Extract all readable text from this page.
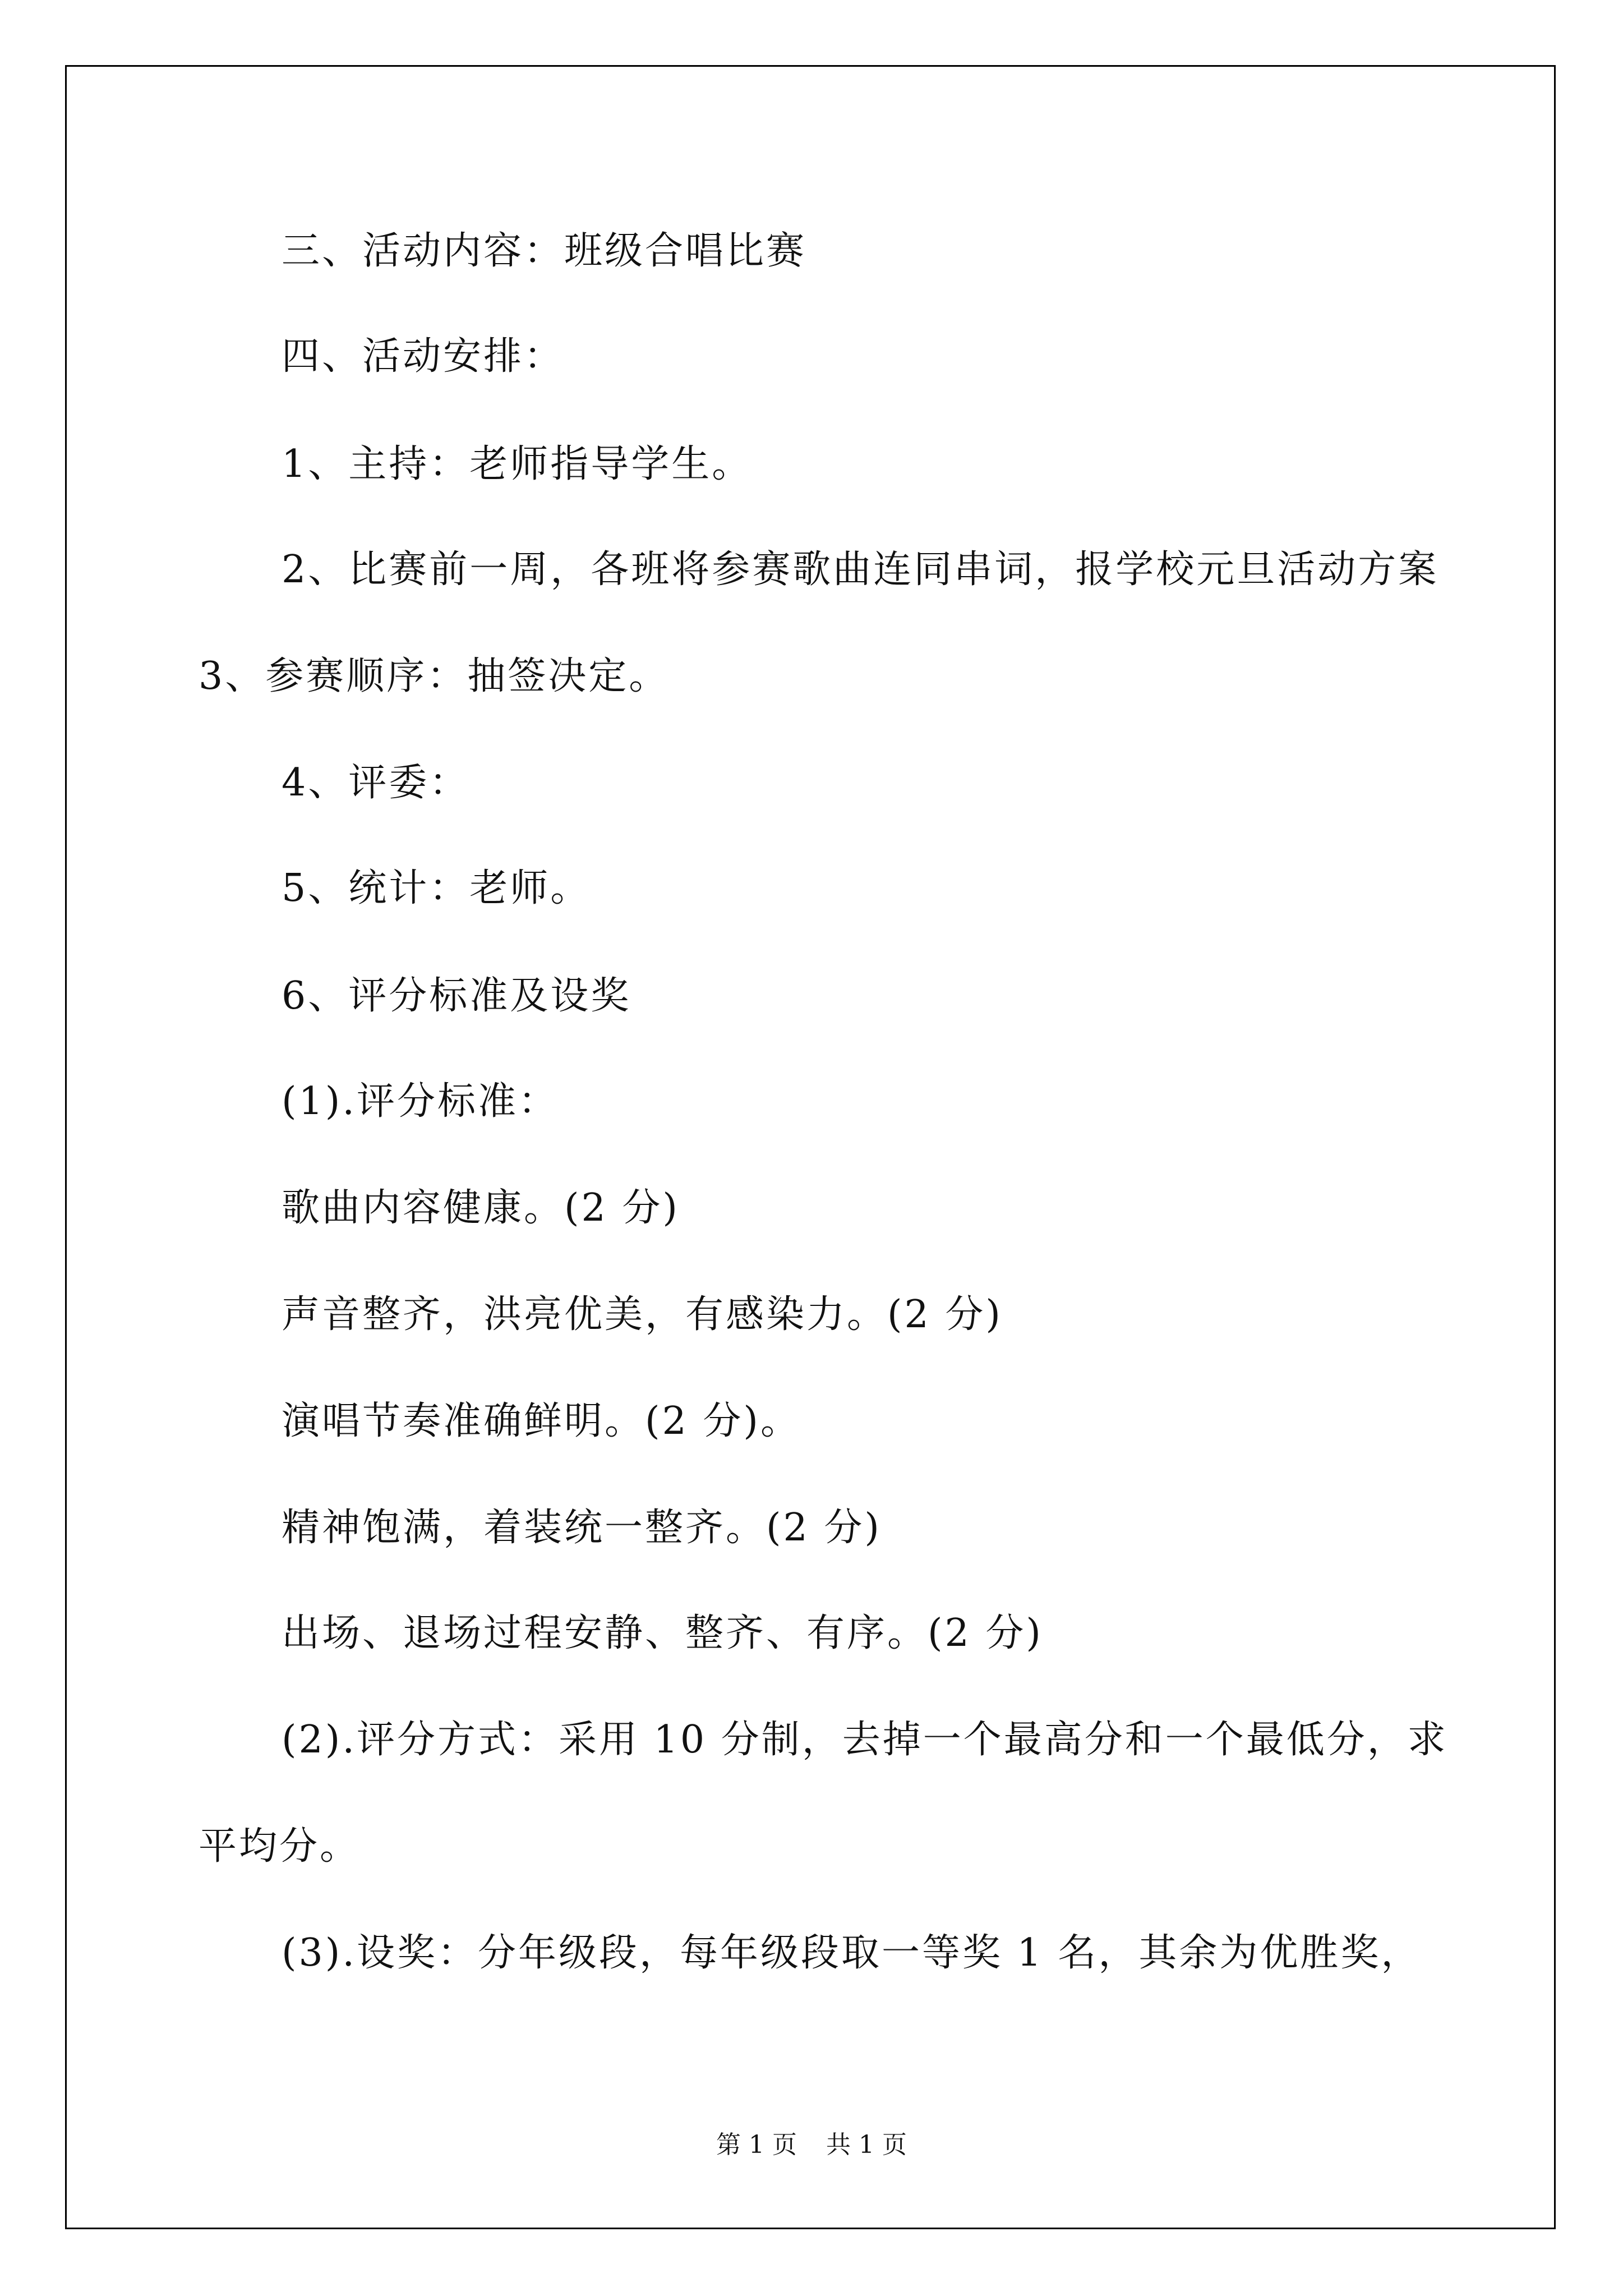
三、活动内容：班级合唱比赛
四、活动安排：
1、主持：老师指导学生。
2、比赛前一周，各班将参赛歌曲连同串词，报学校元旦活动方案
3、参赛顺序：抽签决定。
4、评委：
5、统计：老师。
6、评分标准及设奖
(1).评分标准：
歌曲内容健康。(2 分)
声音整齐，洪亮优美，有感染力。(2 分)
演唱节奏准确鲜明。(2 分)。
精神饱满，着装统一整齐。(2 分)
出场、退场过程安静、整齐、有序。(2 分)
(2).评分方式：采用 10 分制，去掉一个最高分和一个最低分，求
平均分。
(3).设奖：分年级段，每年级段取一等奖 1 名，其余为优胜奖，
第 1 页 共 1 页
